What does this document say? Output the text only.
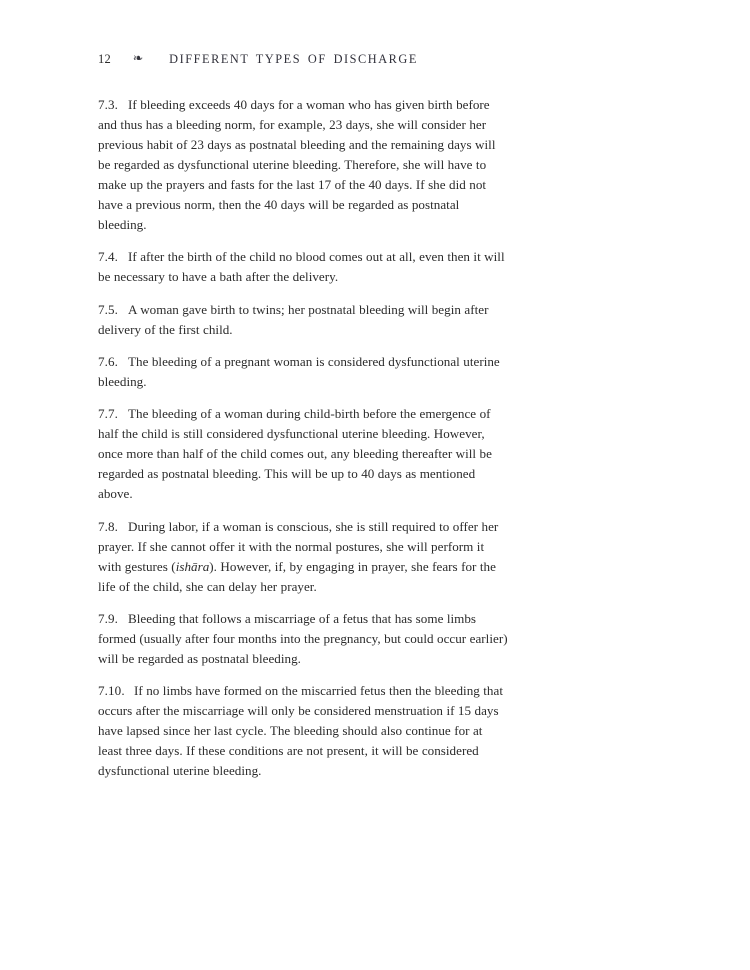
12 ❧ DIFFERENT TYPES OF DISCHARGE

7.3. If bleeding exceeds 40 days for a woman who has given birth before and thus has a bleeding norm, for example, 23 days, she will consider her previous habit of 23 days as postnatal bleeding and the remaining days will be regarded as dysfunctional uterine bleeding. Therefore, she will have to make up the prayers and fasts for the last 17 of the 40 days. If she did not have a previous norm, then the 40 days will be regarded as postnatal bleeding.

7.4. If after the birth of the child no blood comes out at all, even then it will be necessary to have a bath after the delivery.

7.5. A woman gave birth to twins; her postnatal bleeding will begin after delivery of the first child.

7.6. The bleeding of a pregnant woman is considered dysfunctional uterine bleeding.

7.7. The bleeding of a woman during child-birth before the emergence of half the child is still considered dysfunctional uterine bleeding. However, once more than half of the child comes out, any bleeding thereafter will be regarded as postnatal bleeding. This will be up to 40 days as mentioned above.

7.8. During labor, if a woman is conscious, she is still required to offer her prayer. If she cannot offer it with the normal postures, she will perform it with gestures (ishāra). However, if, by engaging in prayer, she fears for the life of the child, she can delay her prayer.

7.9. Bleeding that follows a miscarriage of a fetus that has some limbs formed (usually after four months into the pregnancy, but could occur earlier) will be regarded as postnatal bleeding.

7.10. If no limbs have formed on the miscarried fetus then the bleeding that occurs after the miscarriage will only be considered menstruation if 15 days have lapsed since her last cycle. The bleeding should also continue for at least three days. If these conditions are not present, it will be considered dysfunctional uterine bleeding.
